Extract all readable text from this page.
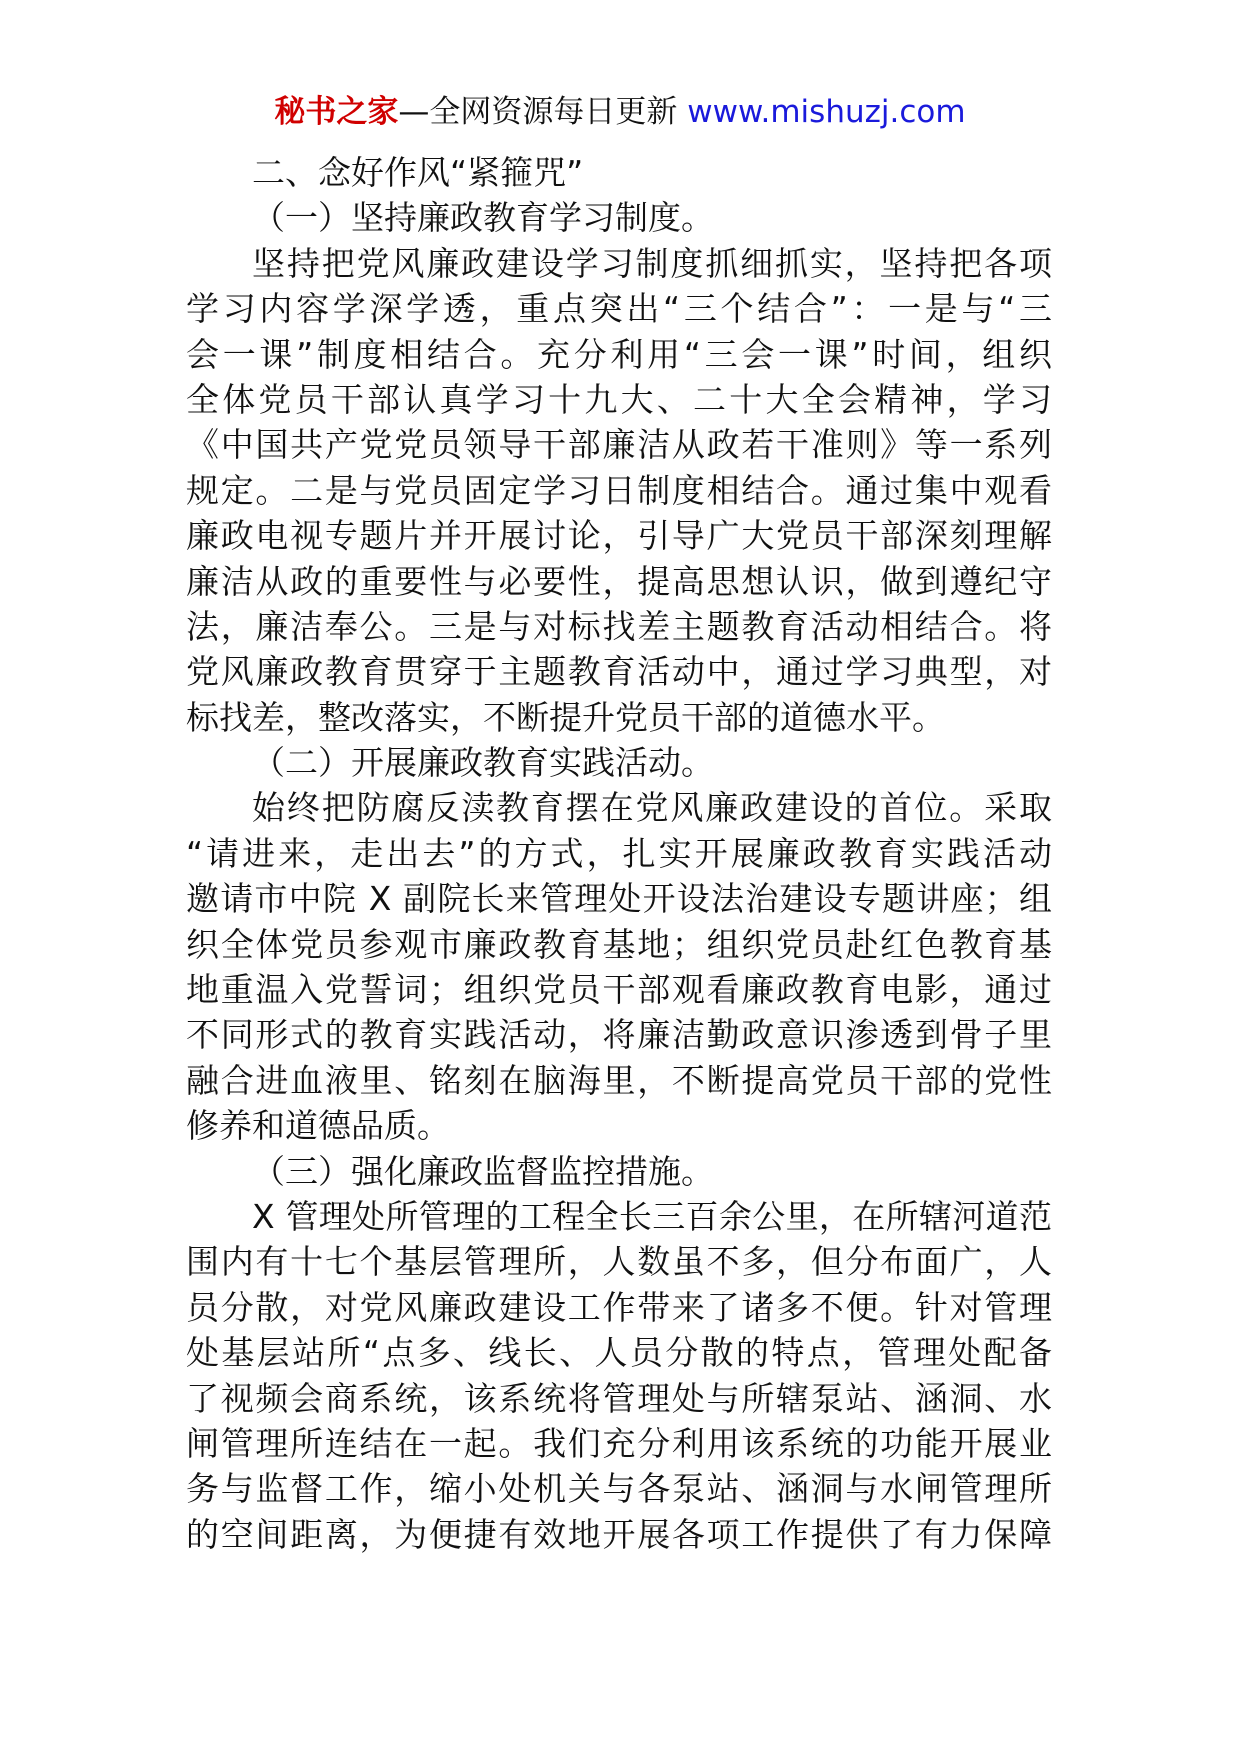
秘书之家—全网资源每日更新 www.mishuzj.com

二、念好作风“紧箍咒”

（一）坚持廉政教育学习制度。

坚持把党风廉政建设学习制度抓细抓实，坚持把各项

学习内容学深学透，重点突出“三个结合”：一是与“三

会一课”制度相结合。充分利用“三会一课”时间，组织

全体党员干部认真学习十九大、二十大全会精神，学习

《中国共产党党员领导干部廉洁从政若干准则》等一系列

规定。二是与党员固定学习日制度相结合。通过集中观看

廉政电视专题片并开展讨论，引导广大党员干部深刻理解

廉洁从政的重要性与必要性，提高思想认识，做到遵纪守

法，廉洁奉公。三是与对标找差主题教育活动相结合。将

党风廉政教育贯穿于主题教育活动中，通过学习典型，对

标找差，整改落实，不断提升党员干部的道德水平。

（二）开展廉政教育实践活动。

始终把防腐反渎教育摆在党风廉政建设的首位。采取

“请进来，走出去”的方式，扎实开展廉政教育实践活动

邀请市中院 X 副院长来管理处开设法治建设专题讲座；组

织全体党员参观市廉政教育基地；组织党员赴红色教育基

地重温入党誓词；组织党员干部观看廉政教育电影，通过

不同形式的教育实践活动，将廉洁勤政意识渗透到骨子里

融合进血液里、铭刻在脑海里，不断提高党员干部的党性

修养和道德品质。

（三）强化廉政监督监控措施。

X 管理处所管理的工程全长三百余公里，在所辖河道范

围内有十七个基层管理所，人数虽不多，但分布面广，人

员分散，对党风廉政建设工作带来了诸多不便。针对管理

处基层站所“点多、线长、人员分散的特点，管理处配备

了视频会商系统，该系统将管理处与所辖泵站、涵洞、水

闸管理所连结在一起。我们充分利用该系统的功能开展业

务与监督工作，缩小处机关与各泵站、涵洞与水闸管理所

的空间距离，为便捷有效地开展各项工作提供了有力保障
